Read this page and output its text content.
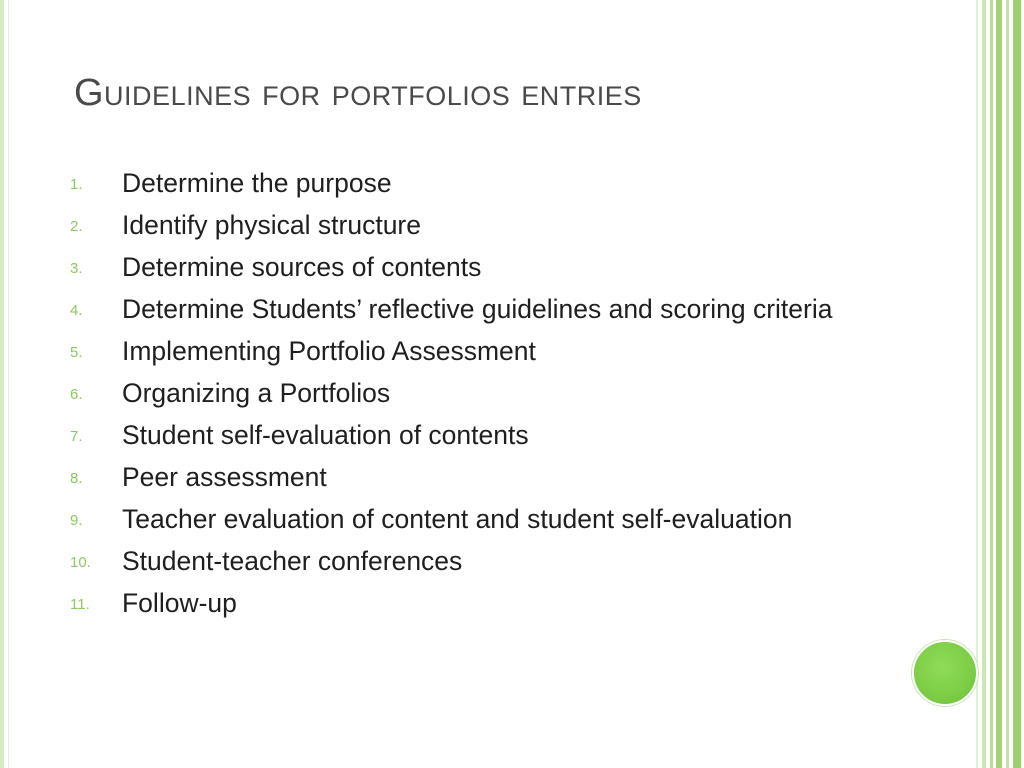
Guidelines for portfolios entries
1.	Determine the purpose
2.	Identify physical structure
3.	Determine sources of contents
4.	Determine Students’ reflective guidelines and scoring criteria
5.	Implementing Portfolio Assessment
6.	Organizing a Portfolios
7.	Student self-evaluation of contents
8.	Peer assessment
9.	Teacher evaluation of content and student self-evaluation
10.	Student-teacher conferences
11.	Follow-up
